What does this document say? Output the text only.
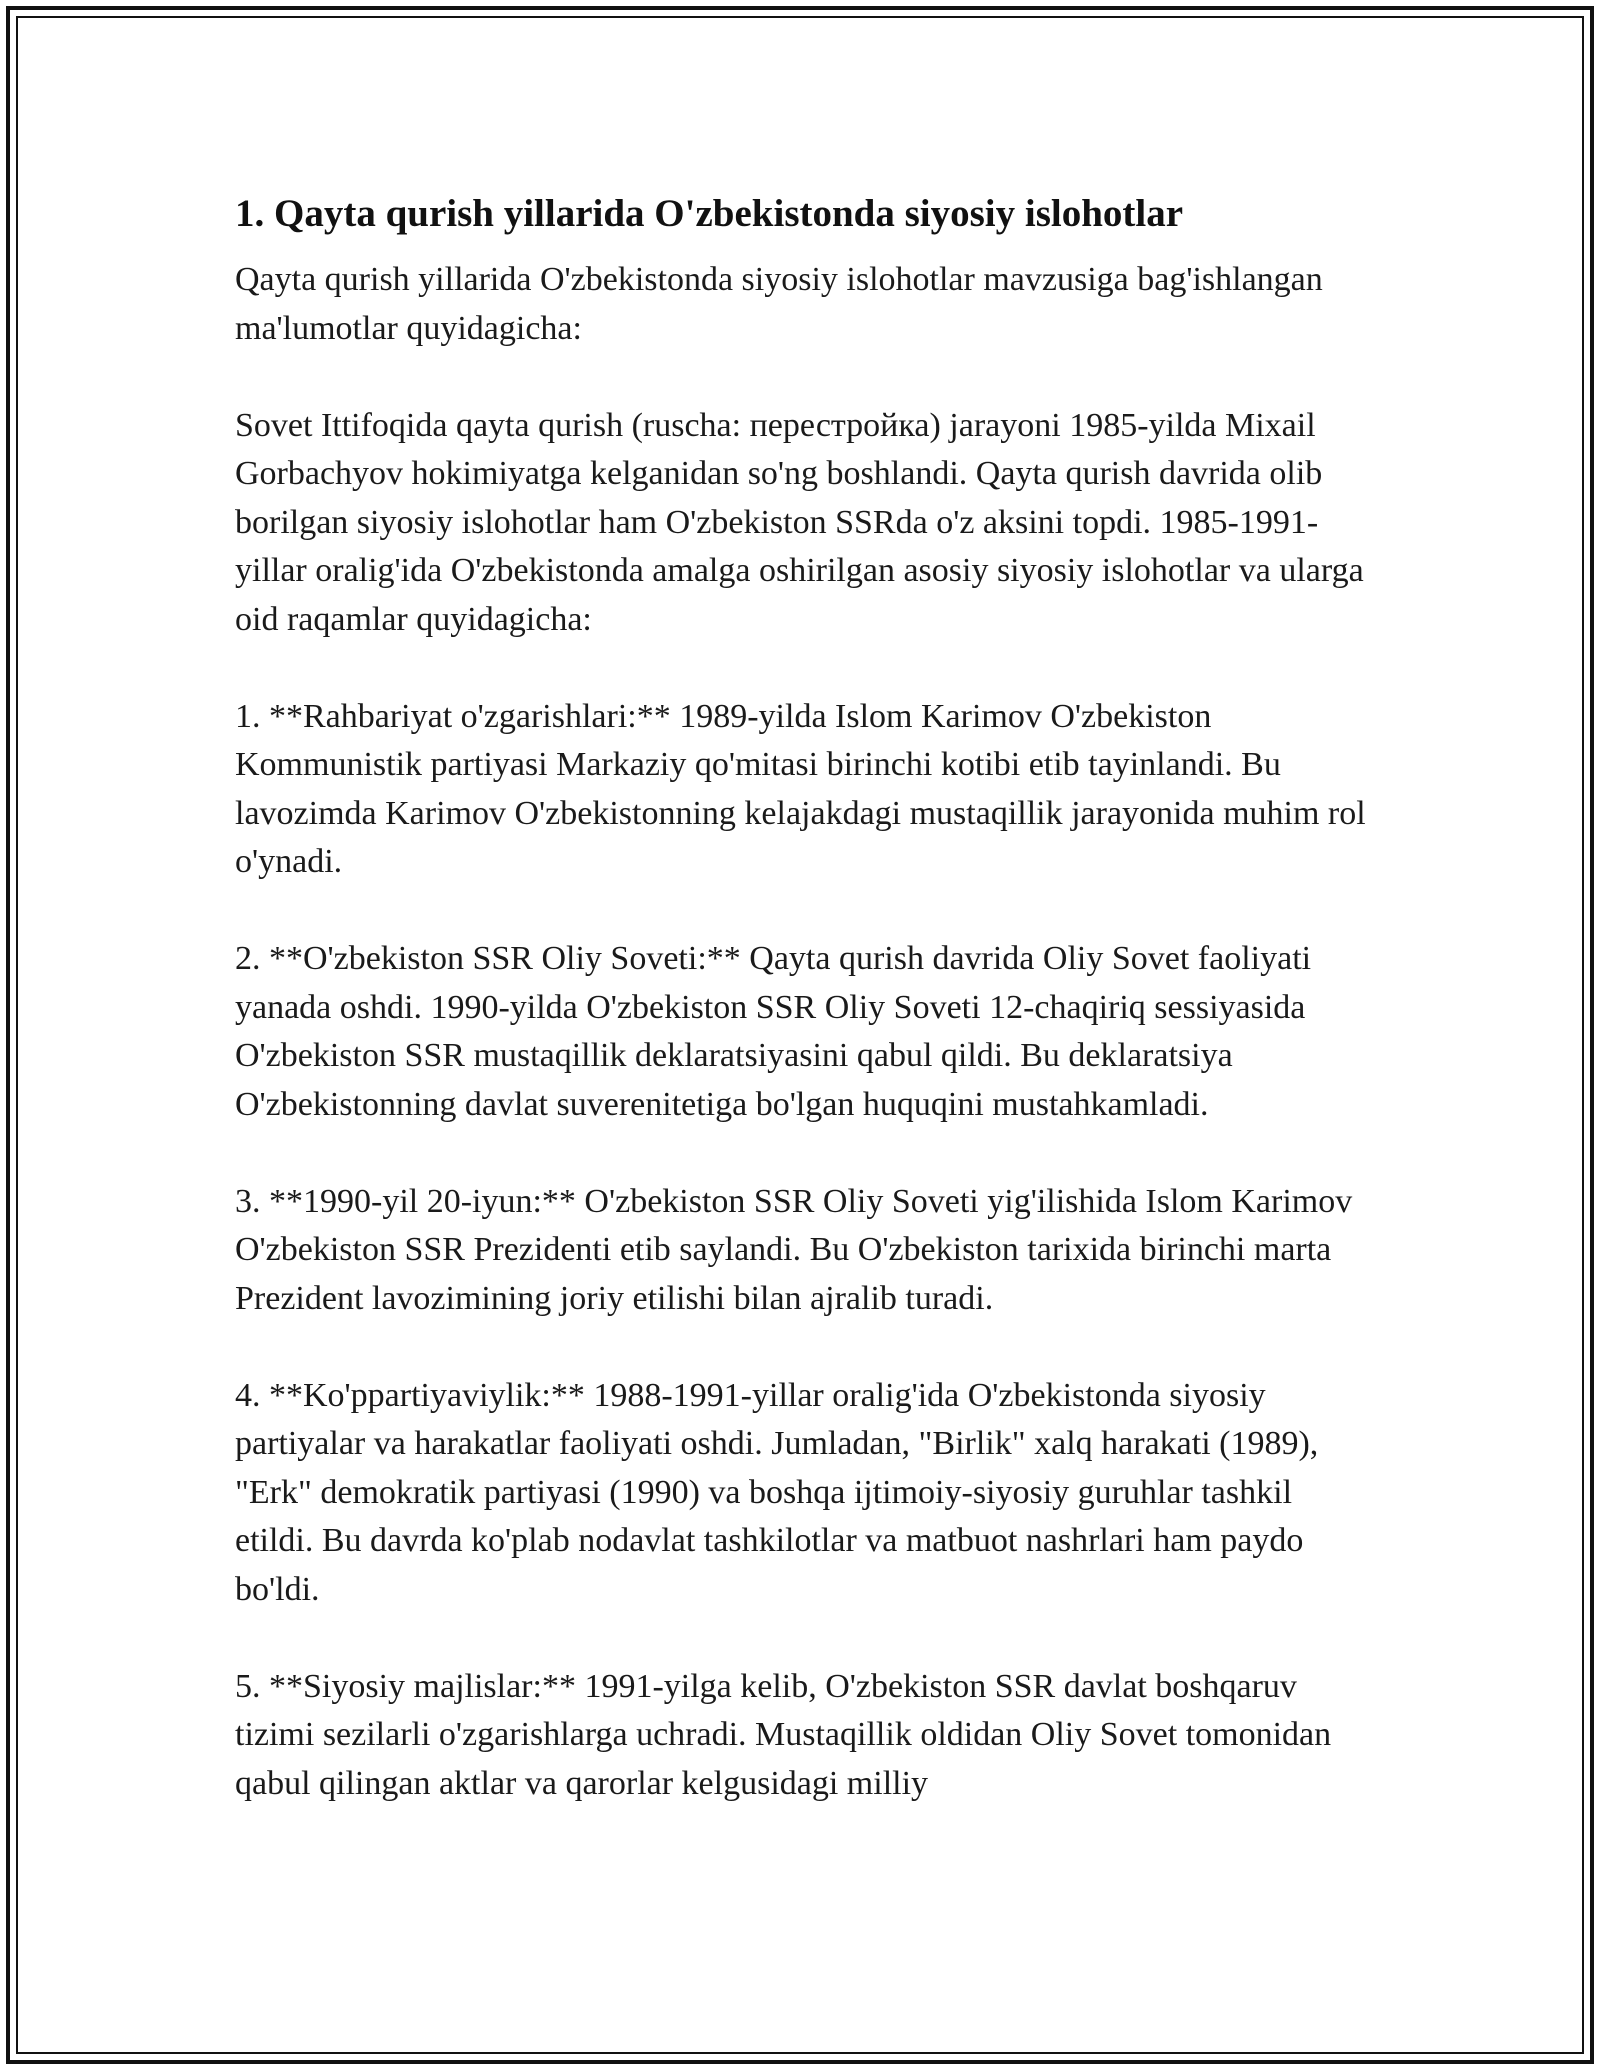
1. Qayta qurish yillarida O'zbekistonda siyosiy islohotlar

Qayta qurish yillarida O'zbekistonda siyosiy islohotlar mavzusiga bag'ishlangan ma'lumotlar quyidagicha:

Sovet Ittifoqida qayta qurish (ruscha: перестройка) jarayoni 1985-yilda Mixail Gorbachyov hokimiyatga kelganidan so'ng boshlandi. Qayta qurish davrida olib borilgan siyosiy islohotlar ham O'zbekiston SSRda o'z aksini topdi. 1985-1991-yillar oralig'ida O'zbekistonda amalga oshirilgan asosiy siyosiy islohotlar va ularga oid raqamlar quyidagicha:

1. **Rahbariyat o'zgarishlari:** 1989-yilda Islom Karimov O'zbekiston Kommunistik partiyasi Markaziy qo'mitasi birinchi kotibi etib tayinlandi. Bu lavozimda Karimov O'zbekistonning kelajakdagi mustaqillik jarayonida muhim rol o'ynadi.

2. **O'zbekiston SSR Oliy Soveti:** Qayta qurish davrida Oliy Sovet faoliyati yanada oshdi. 1990-yilda O'zbekiston SSR Oliy Soveti 12-chaqiriq sessiyasida O'zbekiston SSR mustaqillik deklaratsiyasini qabul qildi. Bu deklaratsiya O'zbekistonning davlat suverenitetiga bo'lgan huquqini mustahkamladi.

3. **1990-yil 20-iyun:** O'zbekiston SSR Oliy Soveti yig'ilishida Islom Karimov O'zbekiston SSR Prezidenti etib saylandi. Bu O'zbekiston tarixida birinchi marta Prezident lavozimining joriy etilishi bilan ajralib turadi.

4. **Ko'ppartiyaviylik:** 1988-1991-yillar oralig'ida O'zbekistonda siyosiy partiyalar va harakatlar faoliyati oshdi. Jumladan, "Birlik" xalq harakati (1989), "Erk" demokratik partiyasi (1990) va boshqa ijtimoiy-siyosiy guruhlar tashkil etildi. Bu davrda ko'plab nodavlat tashkilotlar va matbuot nashrlari ham paydo bo'ldi.

5. **Siyosiy majlislar:** 1991-yilga kelib, O'zbekiston SSR davlat boshqaruv tizimi sezilarli o'zgarishlarga uchradi. Mustaqillik oldidan Oliy Sovet tomonidan qabul qilingan aktlar va qarorlar kelgusidagi milliy
